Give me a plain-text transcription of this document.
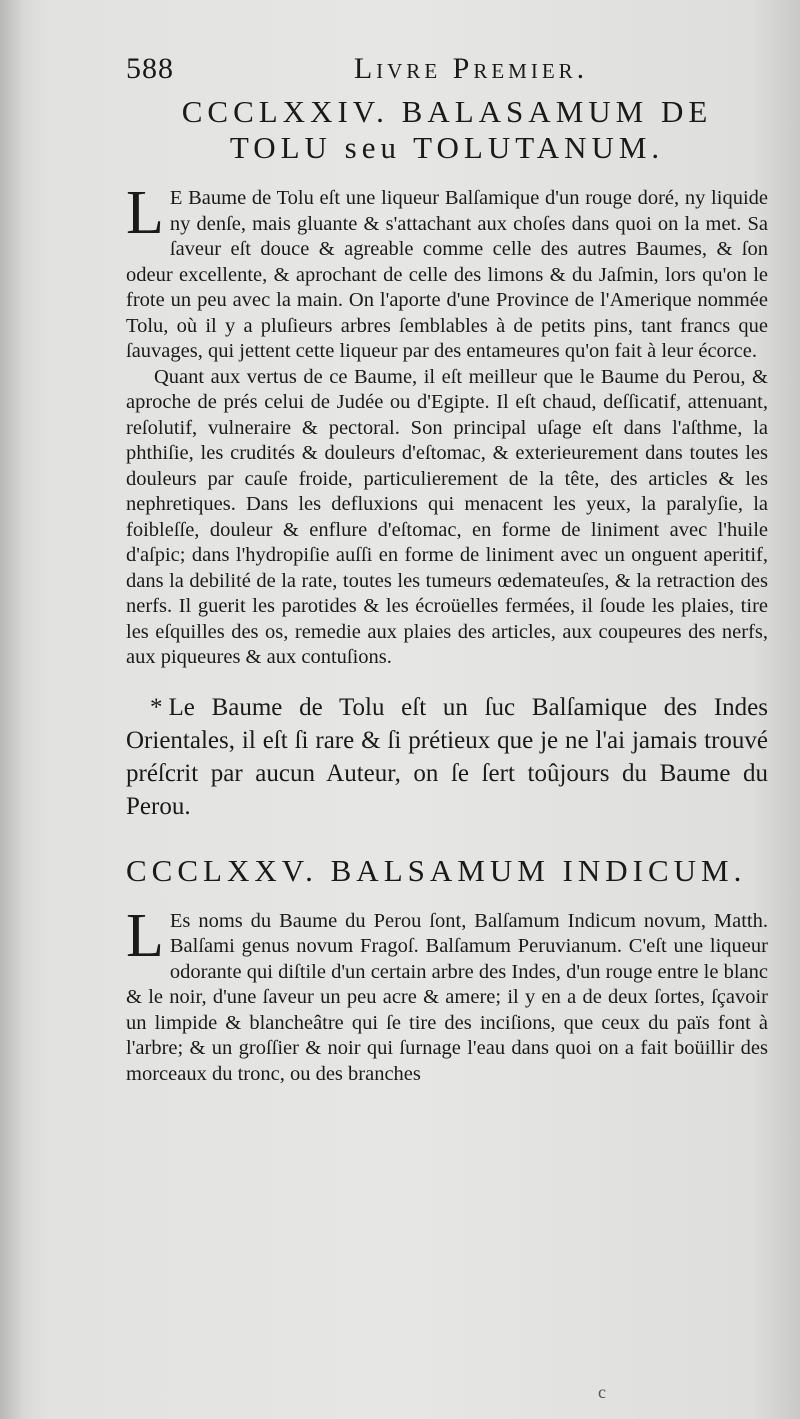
588	Livre Premier.
CCCLXXIV. BALASAMUM DE
TOLU seu TOLUTANUM.

L E Baume de Tolu eſt une liqueur Balſamique d'un rouge doré, ny liquide ny denſe, mais gluante & s'attachant aux choſes dans quoi on la met. Sa ſaveur eſt douce & agreable comme celle des autres Baumes, & ſon odeur excellente, & aprochant de celle des limons & du Jaſmin, lors qu'on le frote un peu avec la main. On l'aporte d'une Province de l'Amerique nommée Tolu, où il y a pluſieurs arbres ſemblables à de petits pins, tant francs que ſauvages, qui jettent cette liqueur par des entameures qu'on fait à leur écorce.

Quant aux vertus de ce Baume, il eſt meilleur que le Baume du Perou, & aproche de prés celui de Judée ou d'Egipte. Il eſt chaud, deſſicatif, attenuant, reſolutif, vulneraire & pectoral. Son principal uſage eſt dans l'aſthme, la phthiſie, les crudités & douleurs d'eſtomac, & exterieurement dans toutes les douleurs par cauſe froide, particulierement de la tête, des articles & les nephretiques. Dans les defluxions qui menacent les yeux, la paralyſie, la foibleſſe, douleur & enflure d'eſtomac, en forme de liniment avec l'huile d'aſpic; dans l'hydropiſie auſſi en forme de liniment avec un onguent aperitif, dans la debilité de la rate, toutes les tumeurs œdemateuſes, & la retraction des nerfs. Il guerit les parotides & les écroüelles fermées, il ſoude les plaies, tire les eſquilles des os, remedie aux plaies des articles, aux coupeures des nerfs, aux piqueures & aux contuſions.

* Le Baume de Tolu eſt un ſuc Balſamique des Indes Orientales, il eſt ſi rare & ſi prétieux que je ne l'ai jamais trouvé préſcrit par aucun Auteur, on ſe ſert toûjours du Baume du Perou.

CCCLXXV. BALSAMUM INDICUM.

L Es noms du Baume du Perou ſont, Balſamum Indicum novum, Matth. Balſami genus novum Fragoſ. Balſamum Peruvianum. C'eſt une liqueur odorante qui diſtile d'un certain arbre des Indes, d'un rouge entre le blanc & le noir, d'une ſaveur un peu acre & amere; il y en a de deux ſortes, ſçavoir un limpide & blancheâtre qui ſe tire des inciſions, que ceux du païs font à l'arbre; & un groſſier & noir qui ſurnage l'eau dans quoi on a fait boüillir des morceaux du tronc, ou des branches

c
